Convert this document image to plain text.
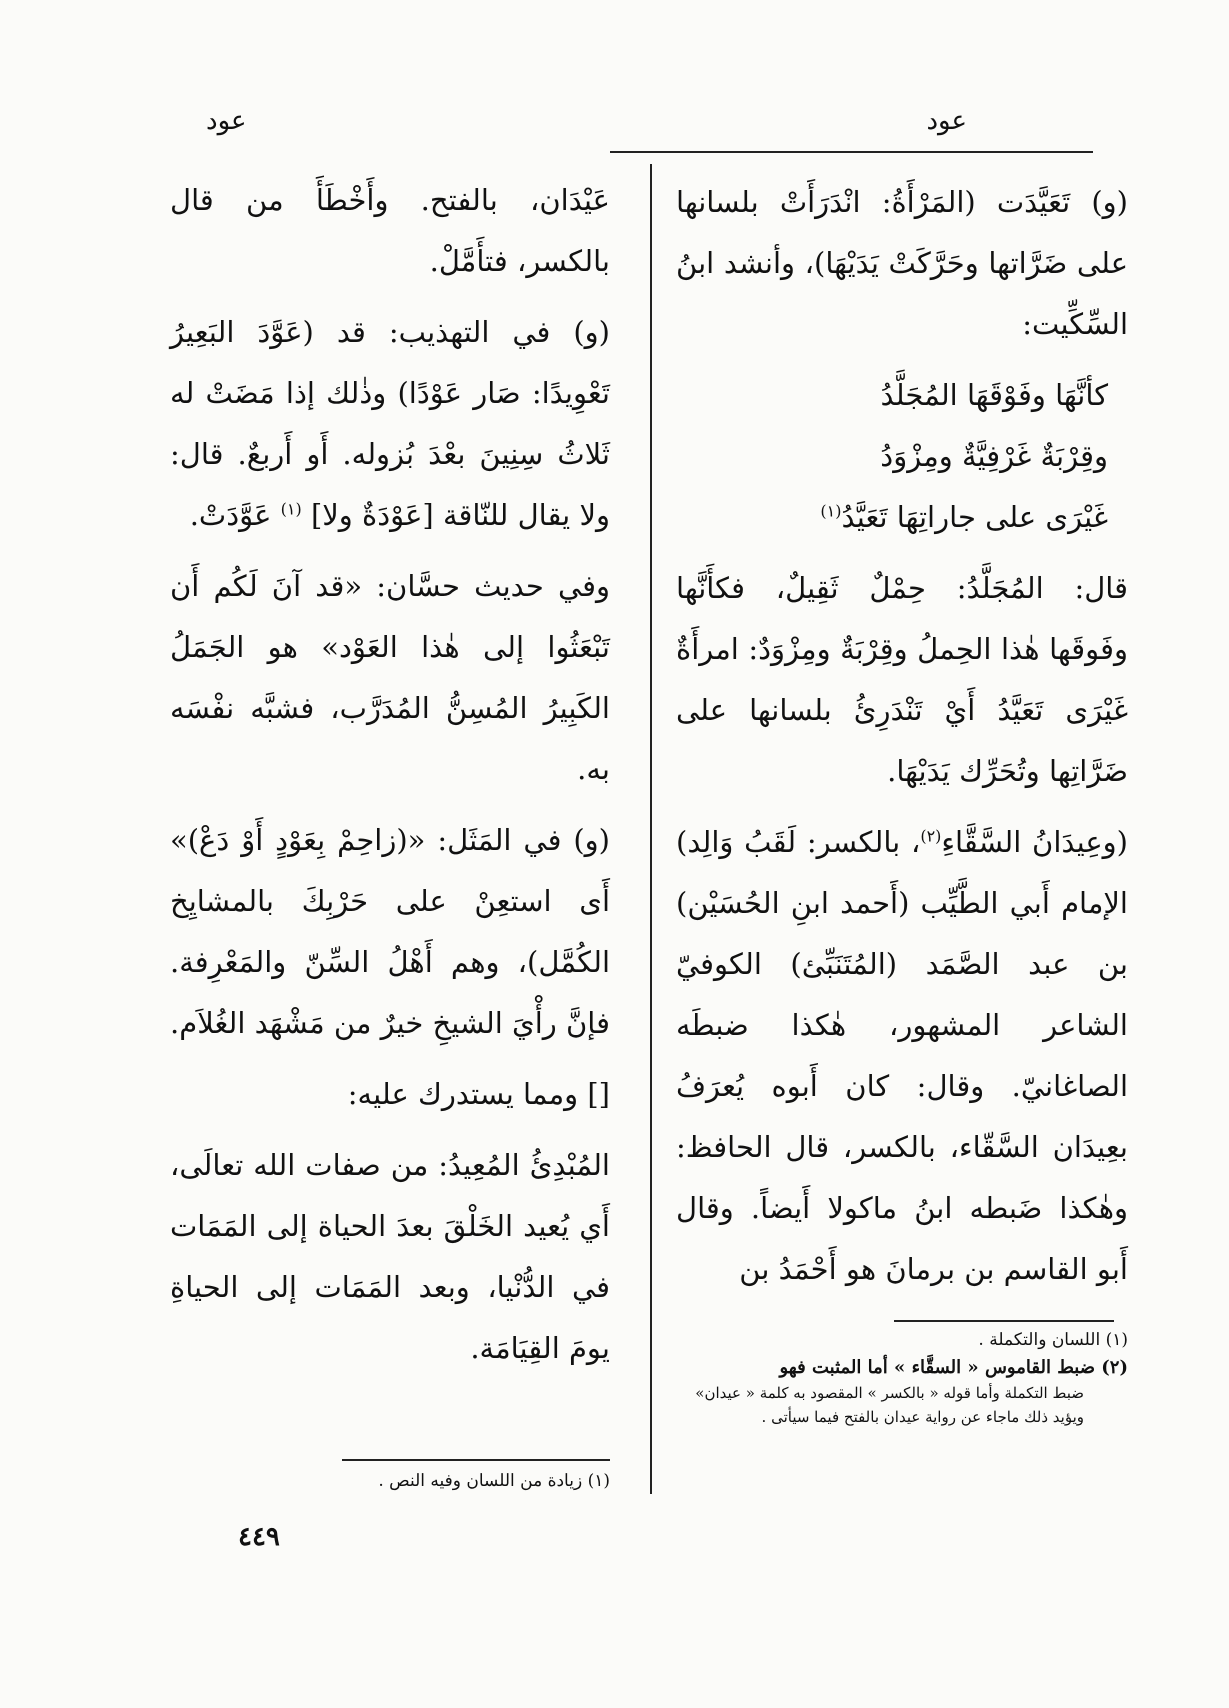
عود
عود

(و) تَعَيَّدَت (المَرْأَةُ: انْدَرَأَتْ بلسانها على ضَرَّاتها وحَرَّكَتْ يَدَيْهَا)، وأنشد ابنُ السِّكِّيت:

كأنَّهَا وفَوْقَهَا المُجَلَّدُ
وقِرْبَةٌ غَرْفِيَّةٌ ومِزْوَدُ
غَيْرَى على جاراتِهَا تَعَيَّدُ$^{(١)}$

قال: المُجَلَّدُ: حِمْلٌ ثَقِيلٌ، فكأَنَّها وفَوقَها هٰذا الحِملُ وقِرْبَةٌ ومِزْوَدٌ: امرأَةٌ غَيْرَى تَعَيَّدُ أَيْ تَنْدَرِئُ بلسانها على ضَرَّاتِها وتُحَرِّك يَدَيْهَا.

(وعِيدَانُ السَّقَّاءِ$^{(٢)}$، بالكسر: لَقَبُ وَالِد) الإمام أَبي الطَّيِّب (أَحمد ابنِ الحُسَيْن) بن عبد الصَّمَد (المُتَنَبِّئ) الكوفيّ الشاعر المشهور، هٰكذا ضبطَه الصاغانيّ. وقال: كان أَبوه يُعرَفُ بعِيدَان السَّقّاء، بالكسر، قال الحافظ: وهٰكذا ضَبطه ابنُ ماكولا أَيضاً. وقال أَبو القاسم بن برمانَ هو أَحْمَدُ بن

(١) اللسان والتكملة .
(٢) ضبط القاموس « السقَّاء » أما المثبت فهو
ضبط التكملة وأما قوله « بالكسر » المقصود به كلمة « عيدان» ويؤيد ذلك ماجاء عن رواية عيدان بالفتح فيما سيأتى .

عَيْدَان، بالفتح. وأَخْطَأَ من قال بالكسر، فتأَمَّلْ.

(و) في التهذيب: قد (عَوَّدَ البَعِيرُ تَعْوِيدًا: صَار عَوْدًا) وذٰلك إذا مَضَتْ له ثَلاثُ سِنِينَ بعْدَ بُزوله. أَو أَربعٌ. قال: ولا يقال للنّاقة [عَوْدَةٌ ولا] $^{(١)}$ عَوَّدَتْ.

وفي حديث حسَّان: «قد آنَ لَكُم أَن تَبْعَثُوا إلى هٰذا العَوْد» هو الجَمَلُ الكَبِيرُ المُسِنُّ المُدَرَّب، فشبَّه نفْسَه به.

(و) في المَثَل: «(زاحِمْ بِعَوْدٍ أَوْ دَعْ)» أَى استعِنْ على حَرْبِكَ بالمشايِخ الكُمَّل)، وهم أَهْلُ السِّنّ والمَعْرِفة. فإنَّ رأْيَ الشيخِ خيرٌ من مَشْهَد الغُلاَم.

[] ومما يستدرك عليه:

المُبْدِئُ المُعِيدُ: من صفات الله تعالَى، أَي يُعيد الخَلْقَ بعدَ الحياة إلى المَمَات في الدُّنْيا، وبعد المَمَات إلى الحياةِ يومَ القِيَامَة.

(١) زيادة من اللسان وفيه النص .
٤٤٩
